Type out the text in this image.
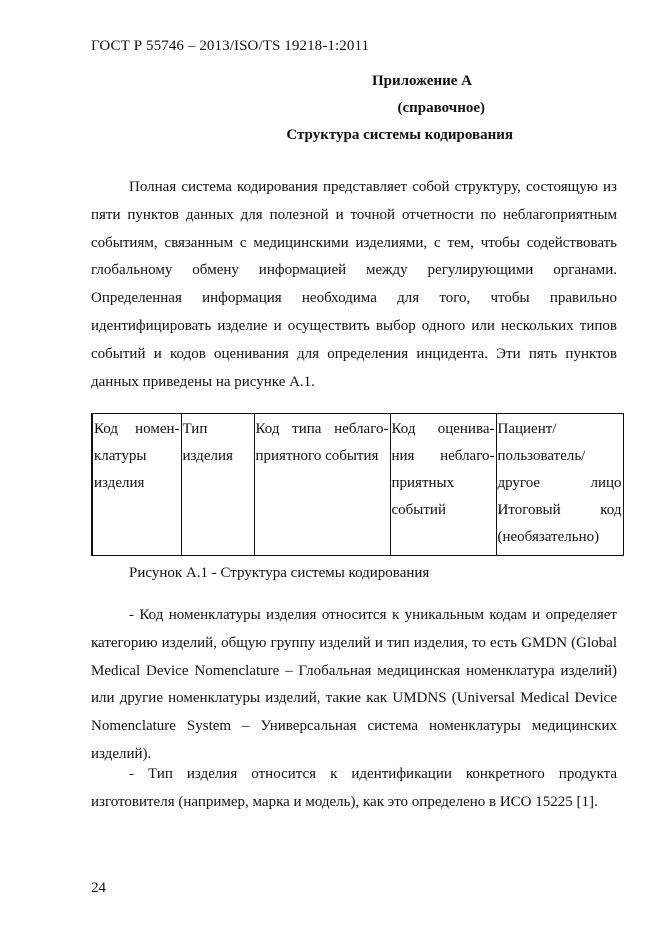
ГОСТ Р 55746 – 2013/ISO/TS 19218-1:2011
Приложение А
(справочное)
Структура системы кодирования

Полная система кодирования представляет собой структуру, состоящую из пяти пунктов данных для полезной и точной отчетности по неблагоприятным событиям, связанным с медицинскими изделиями, с тем, чтобы содействовать глобальному обмену информацией между регулирующими органами. Определенная информация необходима для того, чтобы правильно идентифицировать изделие и осуществить выбор одного или нескольких типов событий и кодов оценивания для определения инцидента. Эти пять пунктов данных приведены на рисунке А.1.

Код номен-
клатуры
изделия

Тип
изделия

Код типа неблаго-
приятного события

Код оценива-
ния неблаго-
приятных
событий

Пациент/
пользователь/
другое лицо
Итоговый код
(необязательно)
Рисунок А.1 - Структура системы кодирования

- Код номенклатуры изделия относится к уникальным кодам и определяет категорию изделий, общую группу изделий и тип изделия, то есть GMDN (Global Medical Device Nomenclature – Глобальная медицинская номенклатура изделий) или другие номенклатуры изделий, такие как UMDNS (Universal Medical Device Nomenclature System – Универсальная система номенклатуры медицинских изделий).

- Тип изделия относится к идентификации конкретного продукта изготовителя (например, марка и модель), как это определено в ИСО 15225 [1].

24
